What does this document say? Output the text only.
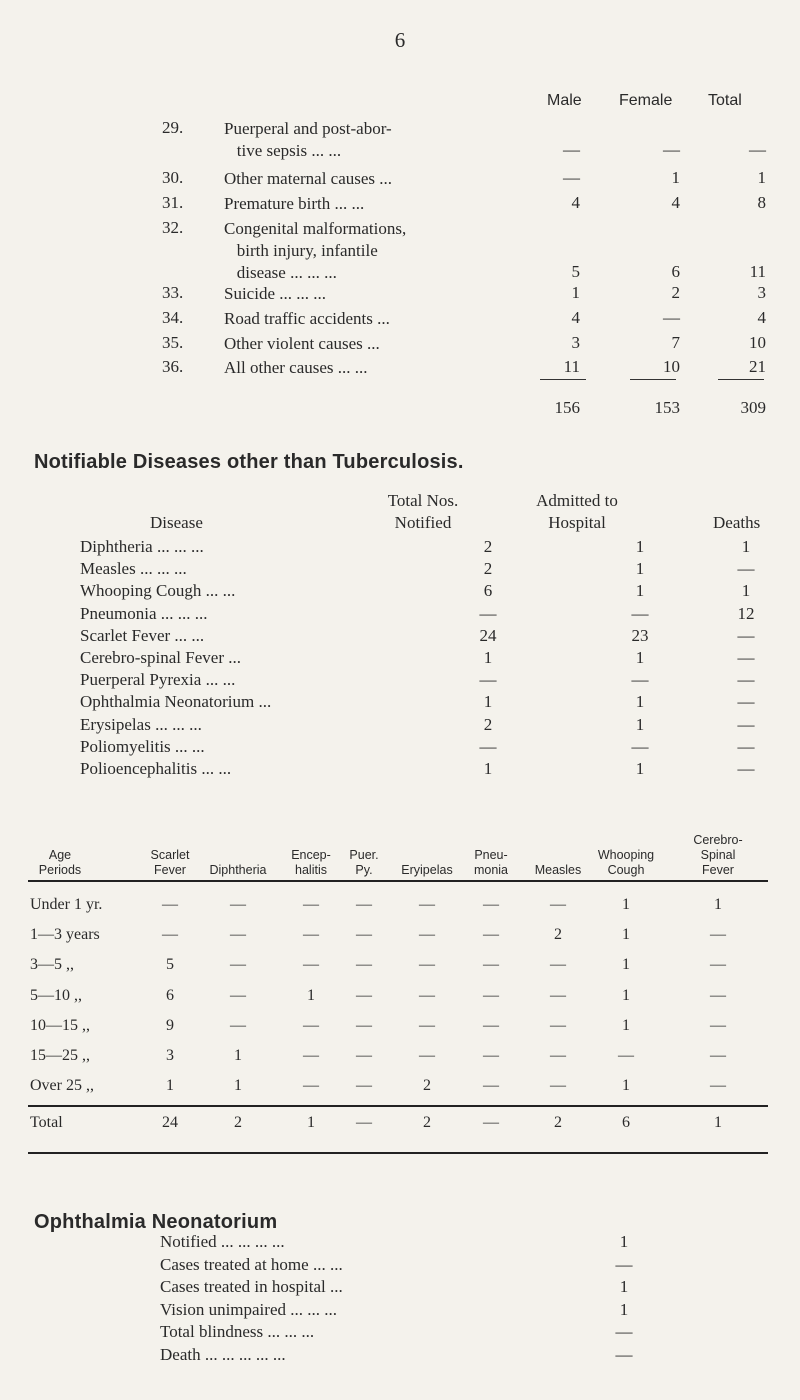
6
Male Female Total
29. Puerperal and post-abor-
tive sepsis ... ...	—	—	—
30. Other maternal causes ...	—	1	1
31. Premature birth ... ...	4	4	8
32. Congenital malformations,
birth injury, infantile
disease ... ... ...	5	6	11
33. Suicide ... ... ...	1	2	3
34. Road traffic accidents ...	4	—	4
35. Other violent causes ...	3	7	10
36. All other causes ... ...	11	10	21
156	153	309
Notifiable Diseases other than Tuberculosis.
Disease
Total Nos.
Notified
Admitted to
Hospital	Deaths
Diphtheria ... ... ...	2	1	1
Measles ... ... ...	2	1	—
Whooping Cough ... ...	6	1	1
Pneumonia ... ... ...	—	—	12
Scarlet Fever ... ...	24	23	—
Cerebro-spinal Fever ...	1	1	—
Puerperal Pyrexia ... ...	—	—	—
Ophthalmia Neonatorium ...	1	1	—
Erysipelas ... ... ...	2	1	—
Poliomyelitis ... ...	—	—	—
Polioencephalitis ... ...	1	1	—
Age
Periods
Scarlet
Fever	Diphtheria
Encep-
halitis
Puer.
Py.	Eryipelas
Pneu-
monia	Measles
Whooping
Cough
Cerebro-
Spinal
Fever
Under 1 yr.	—	—	—	—	—	—	—	1	1
1—3 years	—	—	—	—	—	—	2	1	—
3—5 ,,	5	—	—	—	—	—	—	1	—
5—10 ,,	6	—	1	—	—	—	—	1	—
10—15 ,,	9	—	—	—	—	—	—	1	—
15—25 ,,	3	1	—	—	—	—	—	—	—
Over 25 ,,	1	1	—	—	2	—	—	1	—
Total	24	2	1	—	2	—	2	6	1
Ophthalmia Neonatorium
Notified ... ... ... ...	1
Cases treated at home ... ...	—
Cases treated in hospital ...	1
Vision unimpaired ... ... ...	1
Total blindness ... ... ...	—
Death ... ... ... ... ...	—
